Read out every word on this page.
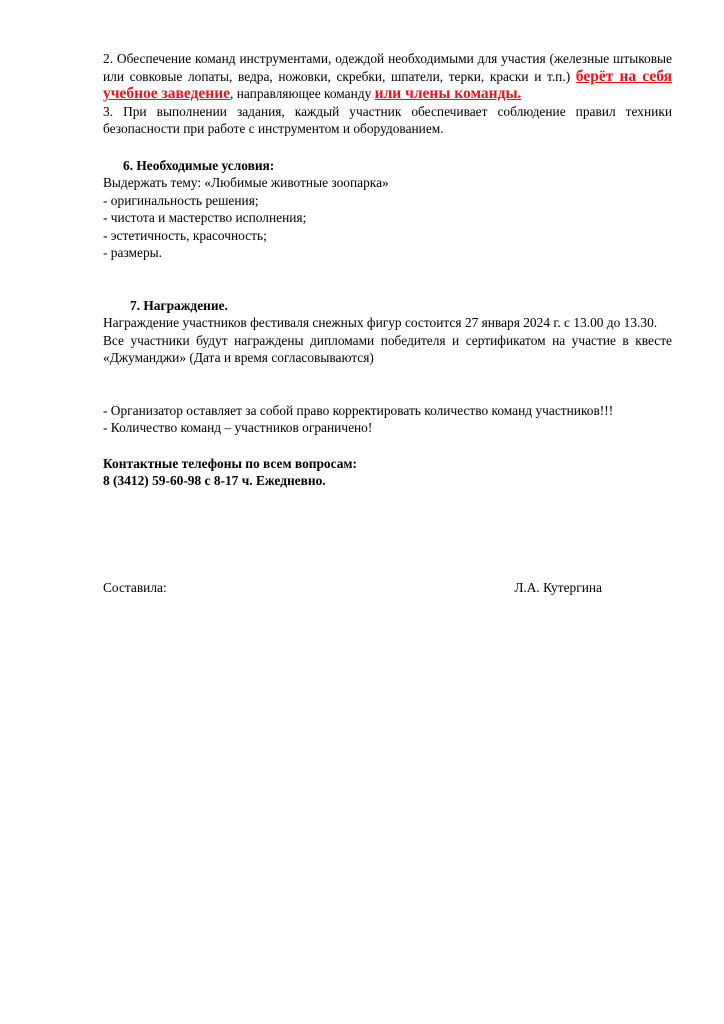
2. Обеспечение команд инструментами, одеждой необходимыми для участия (железные штыковые или совковые лопаты, ведра, ножовки, скребки, шпатели, терки, краски и т.п.) берёт на себя учебное заведение, направляющее команду или члены команды.

3. При выполнении задания, каждый участник обеспечивает соблюдение правил техники безопасности при работе с инструментом и оборудованием.

6. Необходимые условия:

Выдержать тему: «Любимые животные зоопарка»

- оригинальность решения;

- чистота и мастерство исполнения;

- эстетичность, красочность;

- размеры.

7. Награждение.

Награждение участников фестиваля снежных фигур состоится 27 января 2024 г. с 13.00 до 13.30.

Все участники будут награждены дипломами победителя и сертификатом на участие в квесте «Джуманджи» (Дата и время согласовываются)

- Организатор оставляет за собой право корректировать количество команд участников!!!

- Количество команд – участников ограничено!

Контактные телефоны по всем вопросам:

8 (3412) 59-60-98 с 8-17 ч. Ежедневно.

Составила:	Л.А. Кутергина
